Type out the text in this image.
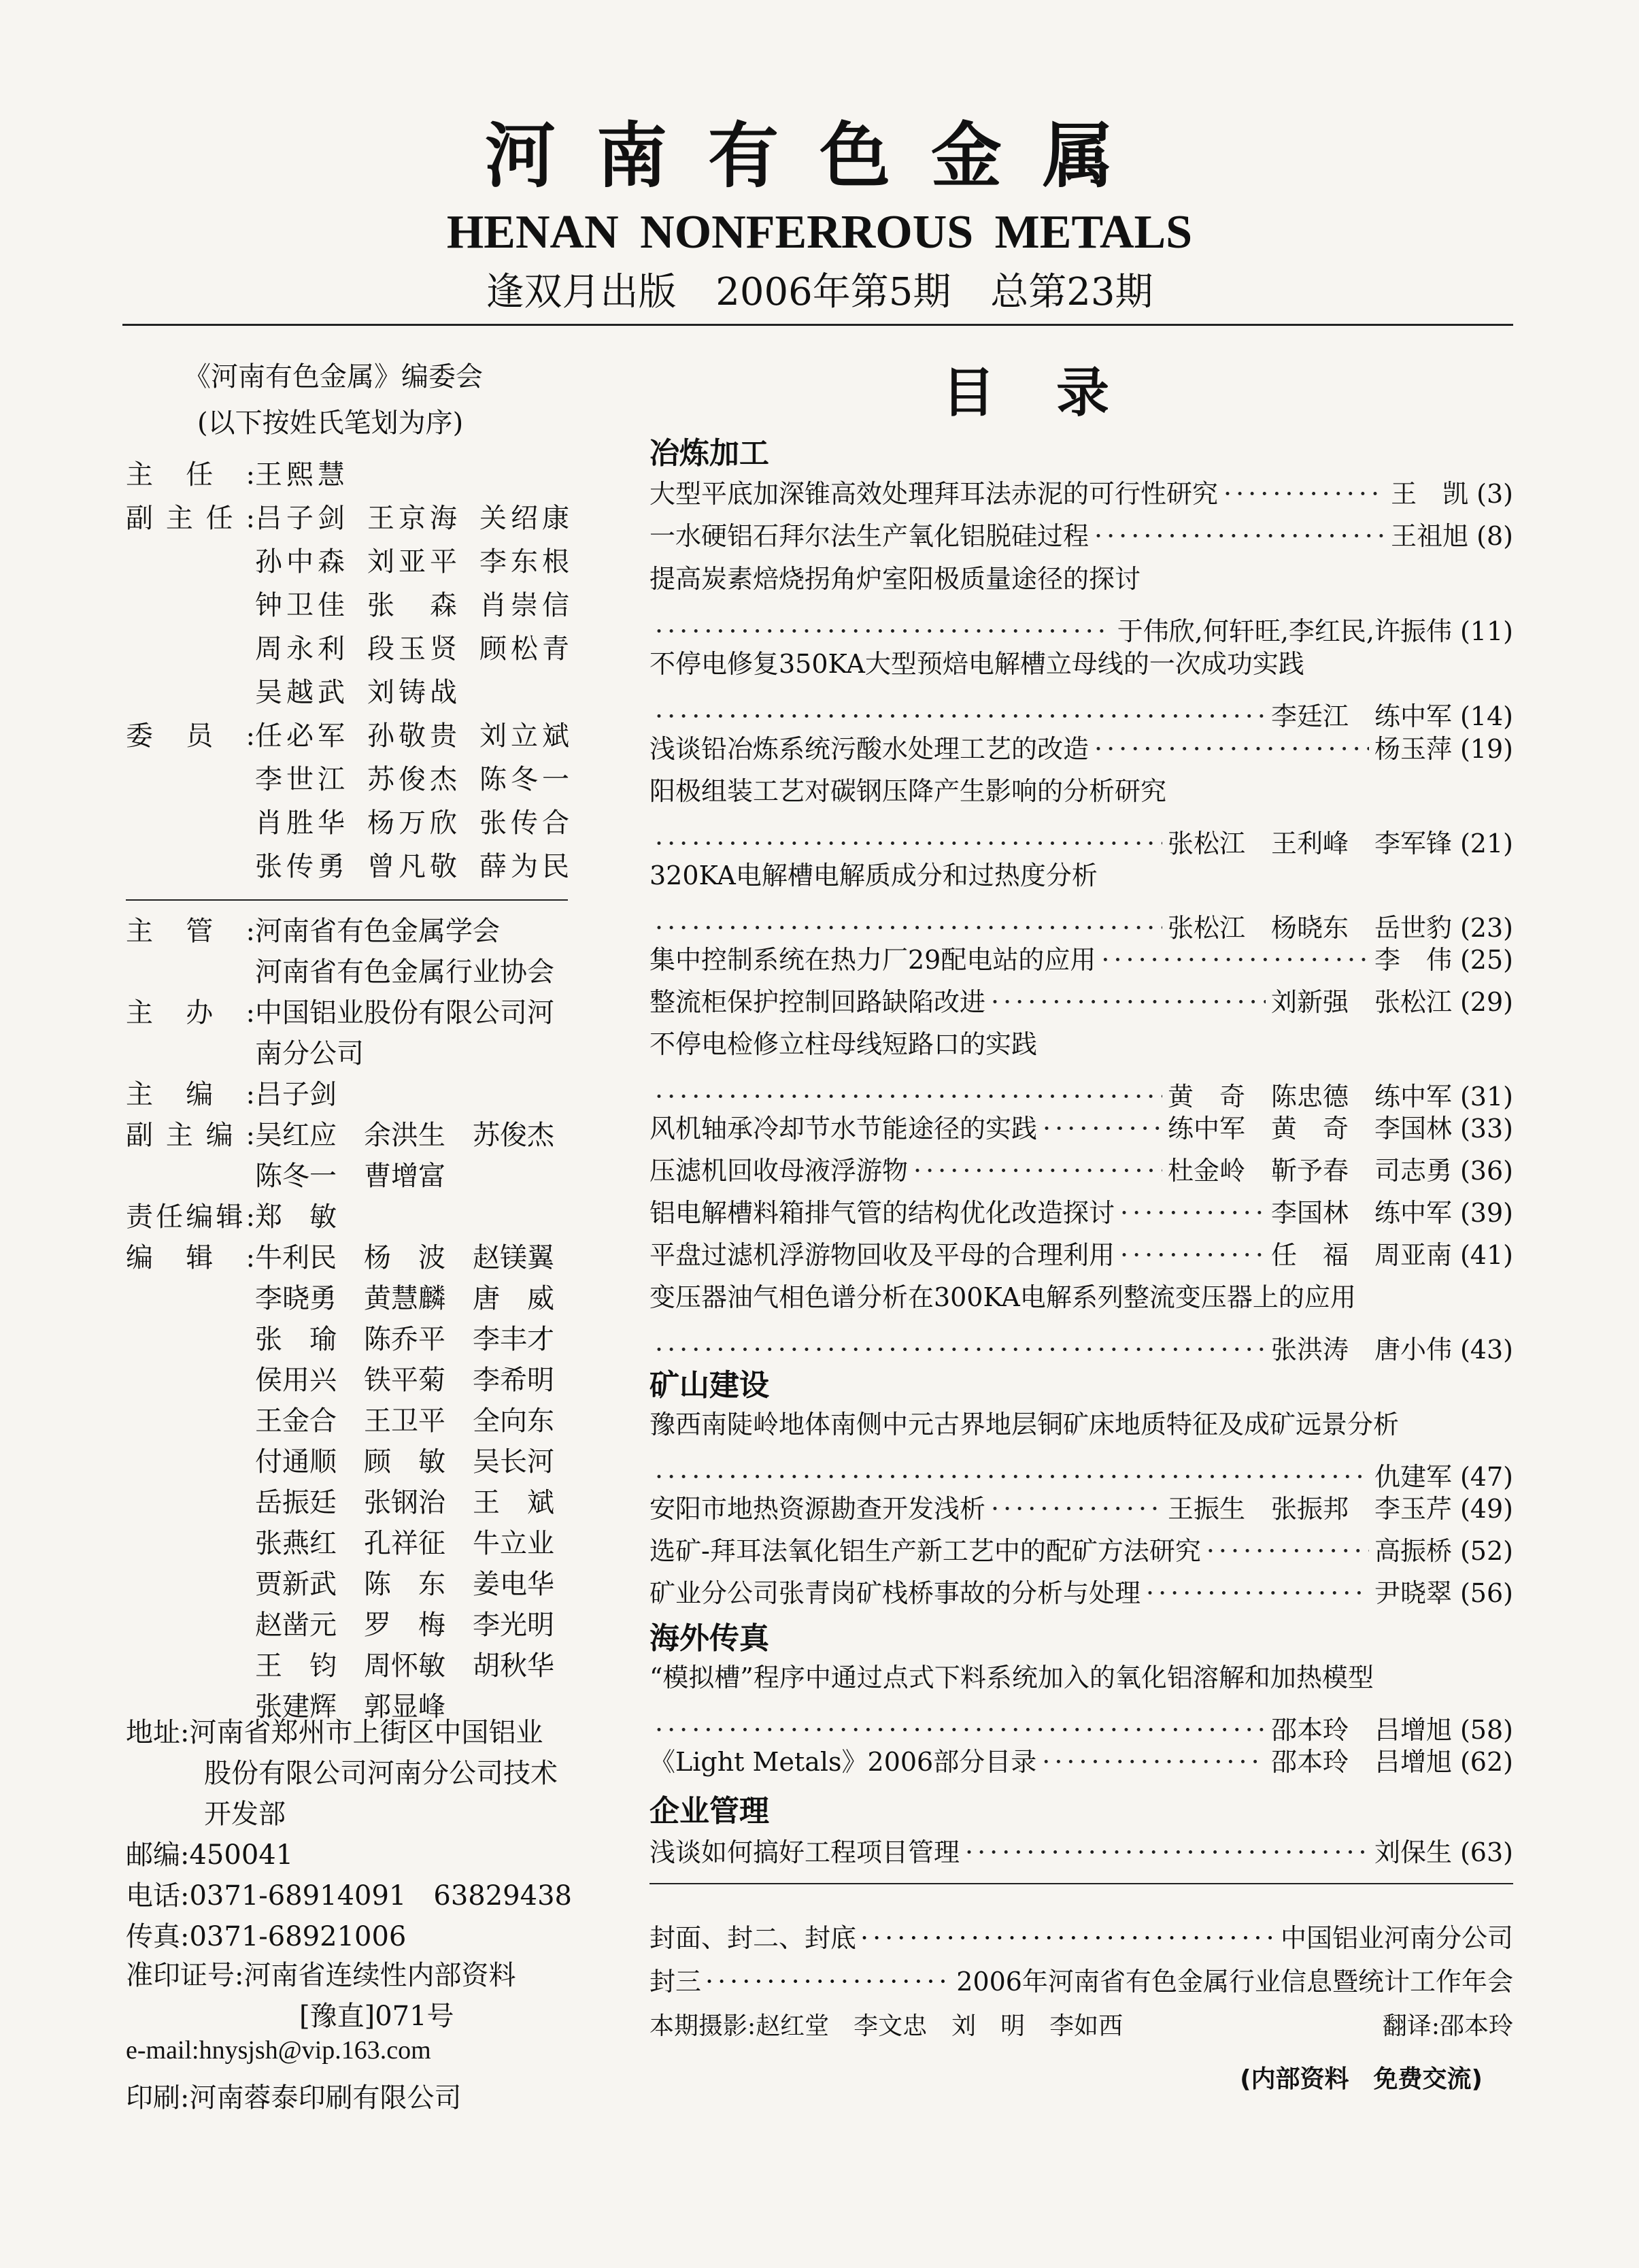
河南有色金属
HENAN NONFERROUS METALS
逢双月出版 2006年第5期 总第23期
目录
《河南有色金属》编委会
(以下按姓氏笔划为序)
主任: 王熙慧
副主任: 吕子剑 王京海 关绍康
孙中森 刘亚平 李东根
钟卫佳 张　森 肖崇信
周永利 段玉贤 顾松青
吴越武 刘铸战
委员: 任必军 孙敬贵 刘立斌
李世江 苏俊杰 陈冬一
肖胜华 杨万欣 张传合
张传勇 曾凡敬 薛为民
主管: 河南省有色金属学会
河南省有色金属行业协会
主办: 中国铝业股份有限公司河
南分公司
主编: 吕子剑
副主编: 吴红应　余洪生　苏俊杰
陈冬一　曹增富
责任编辑: 郑　敏
编辑: 牛利民　杨　波　赵镁翼
李晓勇　黄慧麟　唐　威
张　瑜　陈乔平　李丰才
侯用兴　铁平菊　李希明
王金合　王卫平　全向东
付通顺　顾　敏　吴长河
岳振廷　张钢治　王　斌
张燕红　孔祥征　牛立业
贾新武　陈　东　姜电华
赵凿元　罗　梅　李光明
王　钧　周怀敏　胡秋华
张建辉　郭显峰
地址:河南省郑州市上街区中国铝业
股份有限公司河南分公司技术
开发部
邮编:450041
电话:0371-68914091　63829438
传真:0371-68921006
准印证号:河南省连续性内部资料
[豫直]071号
e-mail:hnysjsh@vip.163.com
印刷:河南蓉泰印刷有限公司
冶炼加工
大型平底加深锥高效处理拜耳法赤泥的可行性研究 ·····	王　凯 (3)
一水硬铝石拜尔法生产氧化铝脱硅过程 ·····	王祖旭 (8)
提高炭素焙烧拐角炉室阳极质量途径的探讨
·····
于伟欣,何轩旺,李红民,许振伟 (11)
不停电修复350KA大型预焙电解槽立母线的一次成功实践
·····
李廷江　练中军 (14)
浅谈铅冶炼系统污酸水处理工艺的改造 ·····	杨玉萍 (19)
阳极组装工艺对碳钢压降产生影响的分析研究
·····
张松江　王利峰　李军锋 (21)
320KA电解槽电解质成分和过热度分析
·····
张松江　杨晓东　岳世豹 (23)
集中控制系统在热力厂29配电站的应用 ·····	李　伟 (25)
整流柜保护控制回路缺陷改进 ·····	刘新强　张松江 (29)
不停电检修立柱母线短路口的实践
·····
黄　奇　陈忠德　练中军 (31)
风机轴承冷却节水节能途径的实践 ·····	练中军　黄　奇　李国林 (33)
压滤机回收母液浮游物 ·····	杜金岭　靳予春　司志勇 (36)
铝电解槽料箱排气管的结构优化改造探讨 ·····	李国林　练中军 (39)
平盘过滤机浮游物回收及平母的合理利用 ·····	任　福　周亚南 (41)
变压器油气相色谱分析在300KA电解系列整流变压器上的应用
·····
张洪涛　唐小伟 (43)
矿山建设
豫西南陡岭地体南侧中元古界地层铜矿床地质特征及成矿远景分析
·····
仇建军 (47)
安阳市地热资源勘查开发浅析 ·····	王振生　张振邦　李玉芹 (49)
选矿-拜耳法氧化铝生产新工艺中的配矿方法研究 ·····	高振桥 (52)
矿业分公司张青岗矿栈桥事故的分析与处理 ·····	尹晓翠 (56)
海外传真
“模拟槽”程序中通过点式下料系统加入的氧化铝溶解和加热模型
·····
邵本玲　吕增旭 (58)
《Light Metals》2006部分目录 ·····	邵本玲　吕增旭 (62)
企业管理
浅谈如何搞好工程项目管理 ·····	刘保生 (63)
封面、封二、封底 ·····	中国铝业河南分公司
封三 ·····	2006年河南省有色金属行业信息暨统计工作年会
本期摄影:赵红堂　李文忠　刘　明　李如西	翻译:邵本玲
(内部资料　免费交流)
